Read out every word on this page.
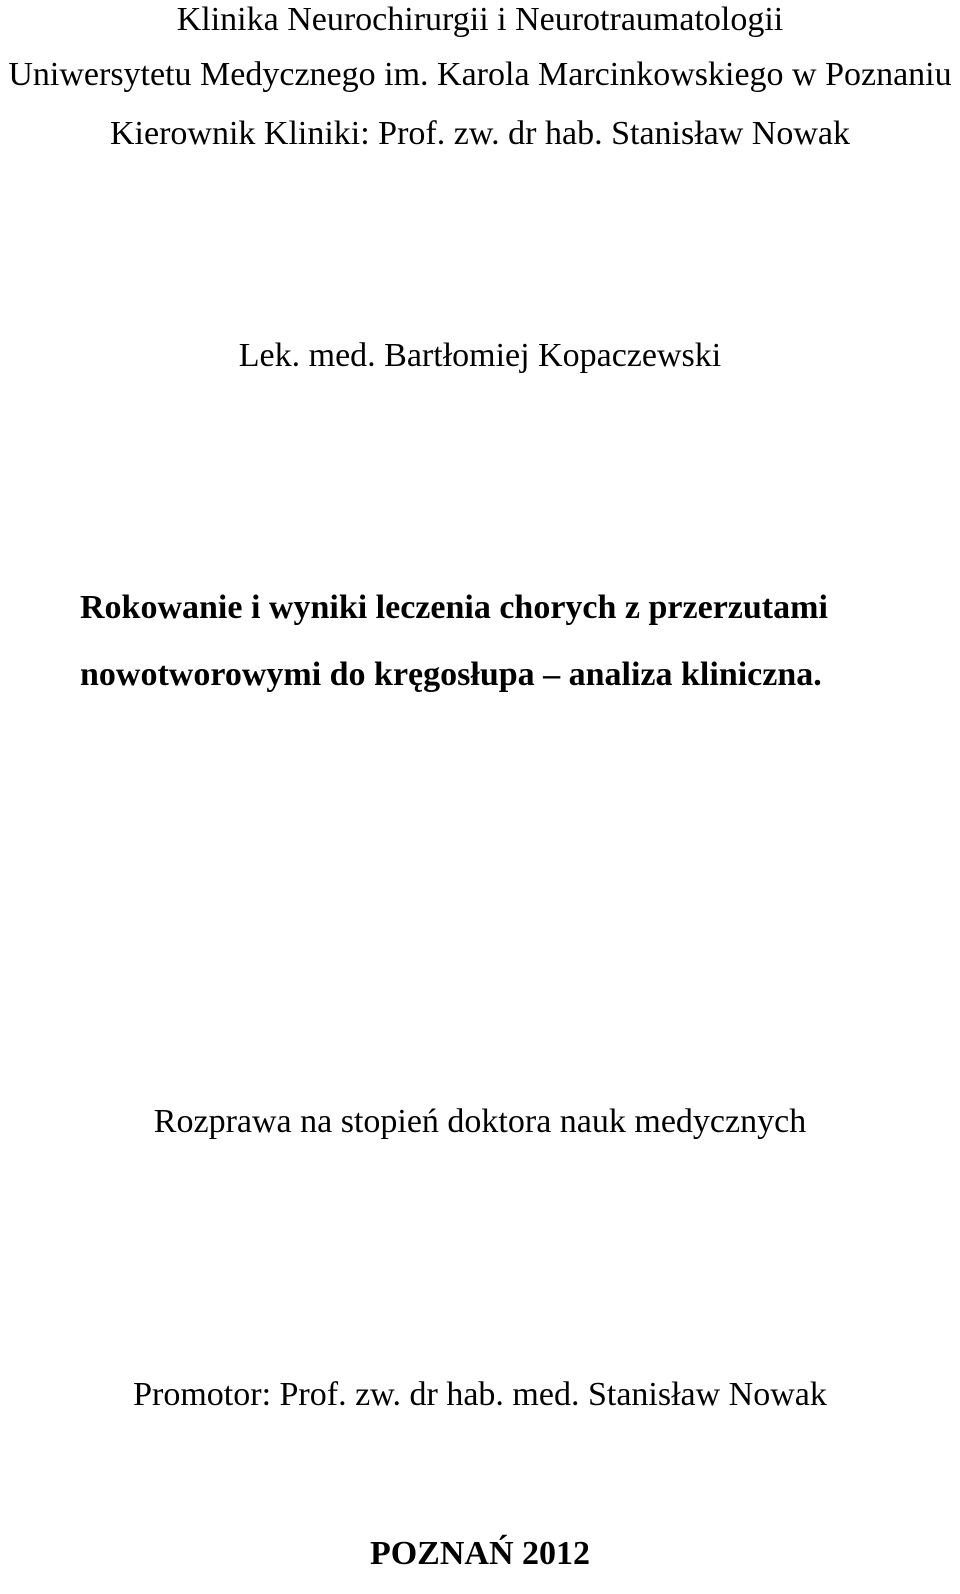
Klinika Neurochirurgii i Neurotraumatologii
Uniwersytetu Medycznego im. Karola Marcinkowskiego w Poznaniu
Kierownik Kliniki: Prof. zw. dr hab. Stanisław Nowak
Lek. med. Bartłomiej Kopaczewski
Rokowanie i wyniki leczenia chorych z przerzutami
nowotworowymi do kręgosłupa – analiza kliniczna.
Rozprawa na stopień doktora nauk medycznych
Promotor: Prof. zw. dr hab. med. Stanisław Nowak
POZNAŃ 2012
